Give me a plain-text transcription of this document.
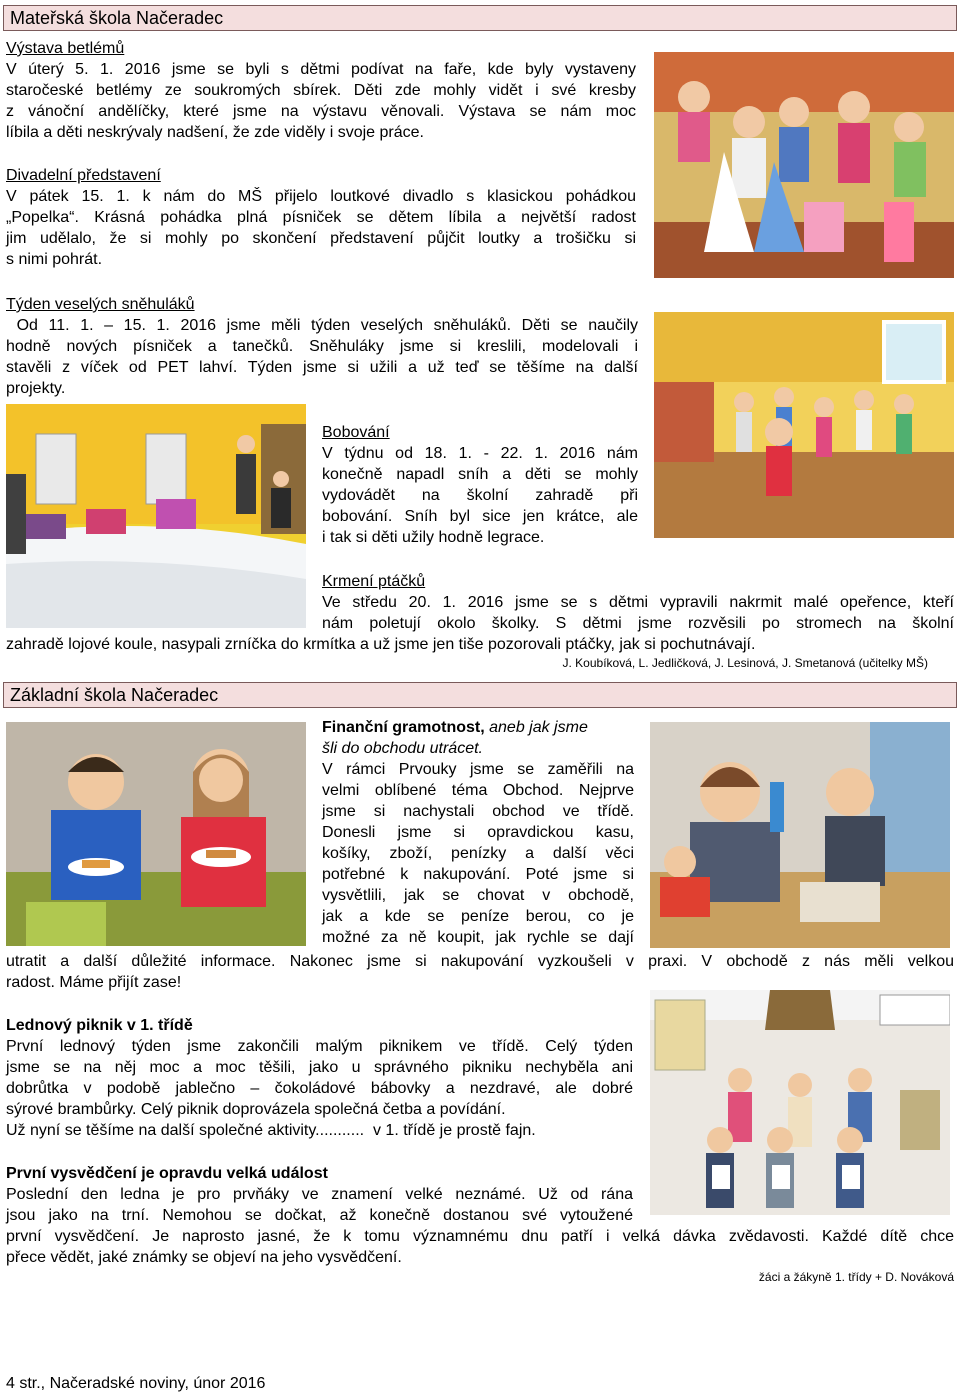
Mateřská škola Načeradec
Výstava betlémů
V úterý 5. 1. 2016 jsme se byli s dětmi podívat na faře, kde byly vystaveny
staročeské betlémy ze soukromých sbírek. Děti zde mohly vidět i své kresby
z vánoční andělíčky, které jsme na výstavu věnovali. Výstava se nám moc
líbila a děti neskrývaly nadšení, že zde viděly i svoje práce.
Divadelní představení
V pátek 15. 1. k nám do MŠ přijelo loutkové divadlo s klasickou pohádkou
„Popelka“. Krásná pohádka plná písniček se dětem líbila a největší radost
jim udělalo, že si mohly po skončení představení půjčit loutky a trošičku si
s nimi pohrát.
Týden veselých sněhuláků
Od 11. 1. – 15. 1. 2016 jsme měli týden veselých sněhuláků. Děti se naučily
hodně nových písniček a tanečků. Sněhuláky jsme si kreslili, modelovali i
stavěli z víček od PET lahví. Týden jsme si užili a už teď se těšíme na další
projekty.
Bobování
V týdnu od 18. 1. - 22. 1. 2016 nám
konečně napadl sníh a děti se mohly
vydovádět na školní zahradě při
bobování. Sníh byl sice jen krátce, ale
i tak si děti užily hodně legrace.
Krmení ptáčků
Ve středu 20. 1. 2016 jsme se s dětmi vypravili nakrmit malé opeřence, kteří
nám poletují okolo školky. S dětmi jsme rozvěsili po stromech na školní
zahradě lojové koule, nasypali zrníčka do krmítka a už jsme jen tiše pozorovali ptáčky, jak si pochutnávají.
J. Koubíková, L. Jedličková, J. Lesinová, J. Smetanová (učitelky MŠ)
Základní škola Načeradec
Finanční gramotnost, aneb jak jsme
šli do obchodu utrácet.
V rámci Prvouky jsme se zaměřili na
velmi oblíbené téma Obchod. Nejprve
jsme si nachystali obchod ve třídě.
Donesli jsme si opravdickou kasu,
košíky, zboží, penízky a další věci
potřebné k nakupování. Poté jsme si
vysvětlili, jak se chovat v obchodě,
jak a kde se peníze berou, co je
možné za ně koupit, jak rychle se dají
utratit a další důležité informace. Nakonec jsme si nakupování vyzkoušeli v praxi. V obchodě z nás měli velkou
radost. Máme přijít zase!
Lednový piknik v 1. třídě
První lednový týden jsme zakončili malým piknikem ve třídě. Celý týden
jsme se na něj moc a moc těšili, jako u správného pikniku nechyběla ani
dobrůtka v podobě jablečno – čokoládové bábovky a nezdravé, ale dobré
sýrové brambůrky. Celý piknik doprovázela společná četba a povídání.
Už nyní se těšíme na další společné aktivity...........  v 1. třídě je prostě fajn.
První vysvědčení je opravdu velká událost
Poslední den ledna je pro prvňáky ve znamení velké neznámé. Už od rána
jsou jako na trní. Nemohou se dočkat, až konečně dostanou své vytoužené
první vysvědčení. Je naprosto jasné, že k tomu významnému dnu patří i velká dávka zvědavosti. Každé dítě chce
přece vědět, jaké známky se objeví na jeho vysvědčení.
žáci a žákyně 1. třídy + D. Nováková
4 str., Načeradské noviny, únor 2016
